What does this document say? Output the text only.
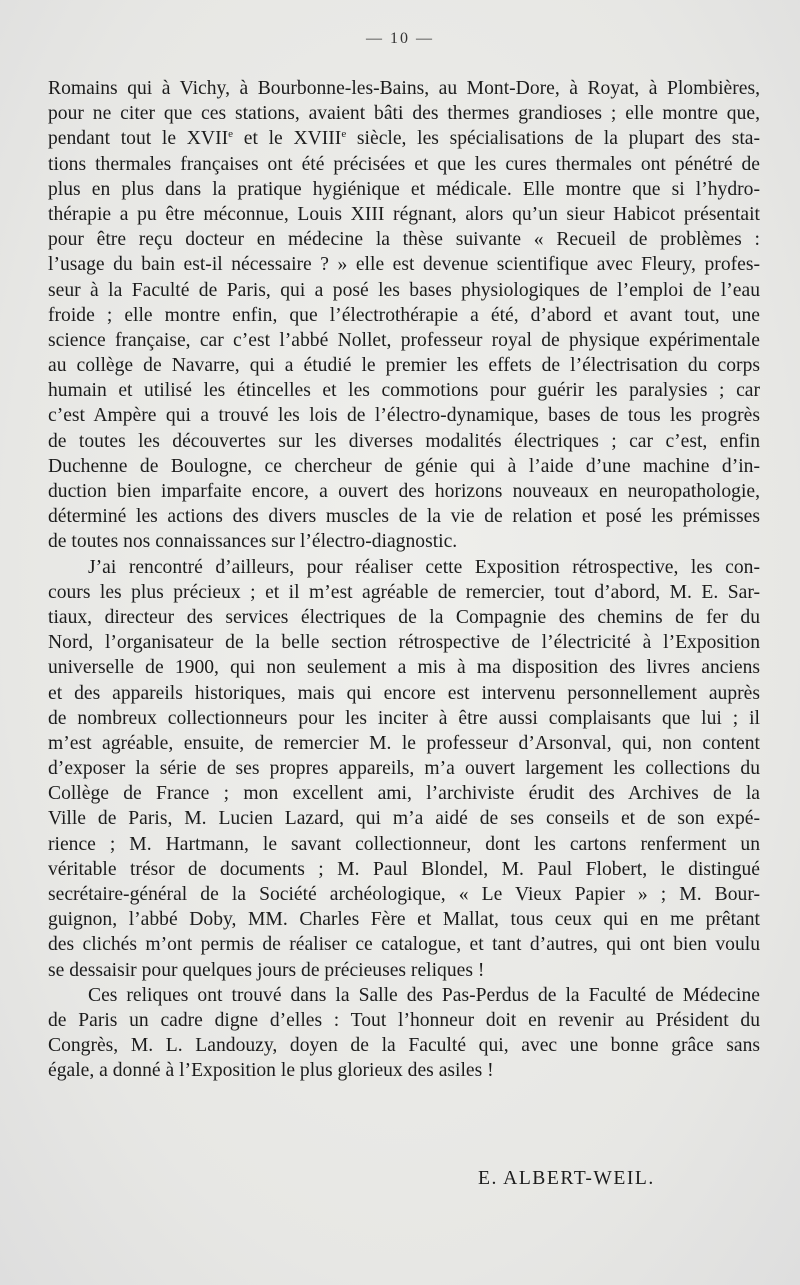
— 10 —
Romains qui à Vichy, à Bourbonne-les-Bains, au Mont-Dore, à Royat, à Plombières,
pour ne citer que ces stations, avaient bâti des thermes grandioses ; elle montre que,
pendant tout le XVIIe et le XVIIIe siècle, les spécialisations de la plupart des sta-
tions thermales françaises ont été précisées et que les cures thermales ont pénétré de
plus en plus dans la pratique hygiénique et médicale. Elle montre que si l’hydro-
thérapie a pu être méconnue, Louis XIII régnant, alors qu’un sieur Habicot présentait
pour être reçu docteur en médecine la thèse suivante « Recueil de problèmes :
l’usage du bain est-il nécessaire ? » elle est devenue scientifique avec Fleury, profes-
seur à la Faculté de Paris, qui a posé les bases physiologiques de l’emploi de l’eau
froide ; elle montre enfin, que l’électrothérapie a été, d’abord et avant tout, une
science française, car c’est l’abbé Nollet, professeur royal de physique expérimentale
au collège de Navarre, qui a étudié le premier les effets de l’électrisation du corps
humain et utilisé les étincelles et les commotions pour guérir les paralysies ; car
c’est Ampère qui a trouvé les lois de l’électro-dynamique, bases de tous les progrès
de toutes les découvertes sur les diverses modalités électriques ; car c’est, enfin
Duchenne de Boulogne, ce chercheur de génie qui à l’aide d’une machine d’in-
duction bien imparfaite encore, a ouvert des horizons nouveaux en neuropathologie,
déterminé les actions des divers muscles de la vie de relation et posé les prémisses
de toutes nos connaissances sur l’électro-diagnostic.
J’ai rencontré d’ailleurs, pour réaliser cette Exposition rétrospective, les con-
cours les plus précieux ; et il m’est agréable de remercier, tout d’abord, M. E. Sar-
tiaux, directeur des services électriques de la Compagnie des chemins de fer du
Nord, l’organisateur de la belle section rétrospective de l’électricité à l’Exposition
universelle de 1900, qui non seulement a mis à ma disposition des livres anciens
et des appareils historiques, mais qui encore est intervenu personnellement auprès
de nombreux collectionneurs pour les inciter à être aussi complaisants que lui ; il
m’est agréable, ensuite, de remercier M. le professeur d’Arsonval, qui, non content
d’exposer la série de ses propres appareils, m’a ouvert largement les collections du
Collège de France ; mon excellent ami, l’archiviste érudit des Archives de la
Ville de Paris, M. Lucien Lazard, qui m’a aidé de ses conseils et de son expé-
rience ; M. Hartmann, le savant collectionneur, dont les cartons renferment un
véritable trésor de documents ; M. Paul Blondel, M. Paul Flobert, le distingué
secrétaire-général de la Société archéologique, « Le Vieux Papier » ; M. Bour-
guignon, l’abbé Doby, MM. Charles Fère et Mallat, tous ceux qui en me prêtant
des clichés m’ont permis de réaliser ce catalogue, et tant d’autres, qui ont bien voulu
se dessaisir pour quelques jours de précieuses reliques !
Ces reliques ont trouvé dans la Salle des Pas-Perdus de la Faculté de Médecine
de Paris un cadre digne d’elles : Tout l’honneur doit en revenir au Président du
Congrès, M. L. Landouzy, doyen de la Faculté qui, avec une bonne grâce sans
égale, a donné à l’Exposition le plus glorieux des asiles !
E. ALBERT-WEIL.
